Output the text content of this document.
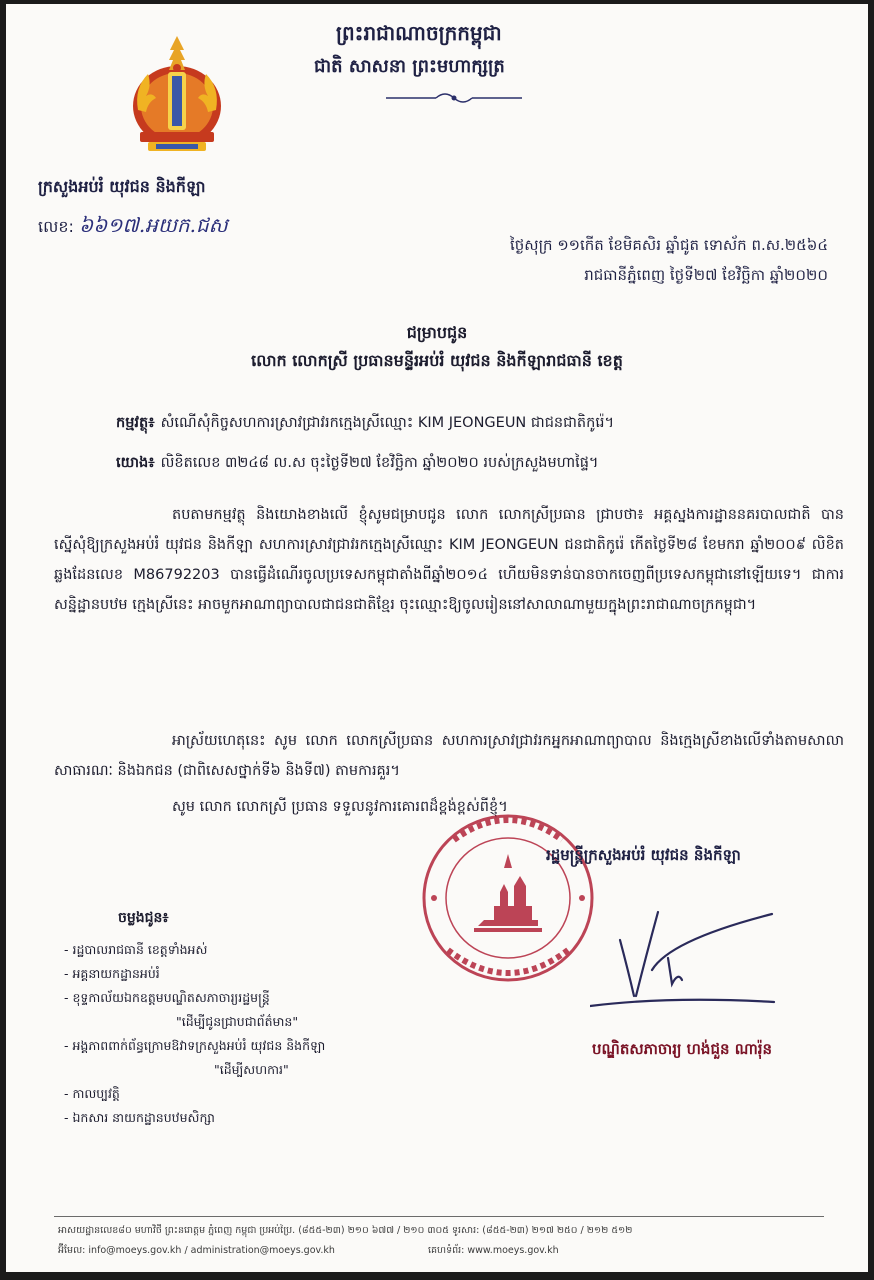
ព្រះរាជាណាចក្រកម្ពុជា
ជាតិ សាសនា ព្រះមហាក្សត្រ
ក្រសួងអប់រំ យុវជន និងកីឡា
លេខ: ៦៦១៧.អយក.ជស
ថ្ងៃសុក្រ ១១កើត ខែមិគសិរ ឆ្នាំជូត ទោស័ក ព.ស.២៥៦៤
រាជធានីភ្នំពេញ ថ្ងៃទី២៧ ខែវិច្ឆិកា ឆ្នាំ២០២០
ជម្រាបជូន
លោក លោកស្រី ប្រធានមន្ទីរអប់រំ យុវជន និងកីឡារាជធានី ខេត្ត
កម្មវត្ថុ៖ សំណើសុំកិច្ចសហការស្រាវជ្រាវរកក្មេងស្រីឈ្មោះ KIM JEONGEUN ជាជនជាតិកូរ៉េ។
យោង៖ លិខិតលេខ ៣២៤៨ ល.ស ចុះថ្ងៃទី២៧ ខែវិច្ឆិកា ឆ្នាំ២០២០ របស់ក្រសួងមហាផ្ទៃ។
តបតាមកម្មវត្ថុ និងយោងខាងលើ ខ្ញុំសូមជម្រាបជូន លោក លោកស្រីប្រធាន ជ្រាបថា៖ អគ្គស្នងការដ្ឋាននគរបាលជាតិ បានស្នើសុំឱ្យក្រសួងអប់រំ យុវជន និងកីឡា សហការស្រាវជ្រាវរកក្មេងស្រីឈ្មោះ KIM JEONGEUN ជនជាតិកូរ៉េ កើតថ្ងៃទី២៨ ខែមករា ឆ្នាំ២០០៩ លិខិតឆ្លងដែនលេខ M86792203 បានធ្វើដំណើរចូលប្រទេសកម្ពុជាតាំងពីឆ្នាំ២០១៤ ហើយមិនទាន់បានចាកចេញពីប្រទេសកម្ពុជានៅឡើយទេ។ ជាការសន្និដ្ឋានបឋម ក្មេងស្រីនេះ អាចមួកអាណាព្យាបាលជាជនជាតិខ្មែរ ចុះឈ្មោះឱ្យចូលរៀននៅសាលាណាមួយក្នុងព្រះរាជាណាចក្រកម្ពុជា។
អាស្រ័យហេតុនេះ សូម លោក លោកស្រីប្រធាន សហការស្រាវជ្រាវរកអ្នកអាណាព្យាបាល និងក្មេងស្រីខាងលើទាំងតាមសាលាសាធារណៈ និងឯកជន (ជាពិសេសថ្នាក់ទី៦ និងទី៧) តាមការគួរ។
សូម លោក លោកស្រី ប្រធាន ទទួលនូវការគោរពដ៏ខ្ពង់ខ្ពស់ពីខ្ញុំ។
រដ្ឋមន្ត្រីក្រសួងអប់រំ យុវជន និងកីឡា
បណ្ឌិតសភាចារ្យ ហង់ជួន ណារ៉ុន
ចម្លងជូន៖
- រដ្ឋបាលរាជធានី ខេត្តទាំងអស់
- អគ្គនាយកដ្ឋានអប់រំ
- ខុទ្ទកាល័យឯកឧត្តមបណ្ឌិតសភាចារ្យរដ្ឋមន្ត្រី
"ដើម្បីជូនជ្រាបជាព័ត៌មាន"
- អង្គភាពពាក់ព័ន្ធក្រោមឱវាទក្រសួងអប់រំ យុវជន និងកីឡា
"ដើម្បីសហការ"
- កាលប្បវត្តិ
- ឯកសារ នាយកដ្ឋានបឋមសិក្សា
អាសយដ្ឋានលេខ៨០ មហាវិថី ព្រះនរោត្តម ភ្នំពេញ កម្ពុជា ប្រអប់ប្រៃ. (៨៥៥-២៣) ២១០ ៦៧៧ / ២១០ ៣០៥ ទូរសារ: (៨៥៥-២៣) ២១៧ ២៥០ / ២១២ ៥១២
អ៊ីមែល: info@moeys.gov.kh / administration@moeys.gov.kh	គេហទំព័រ: www.moeys.gov.kh
